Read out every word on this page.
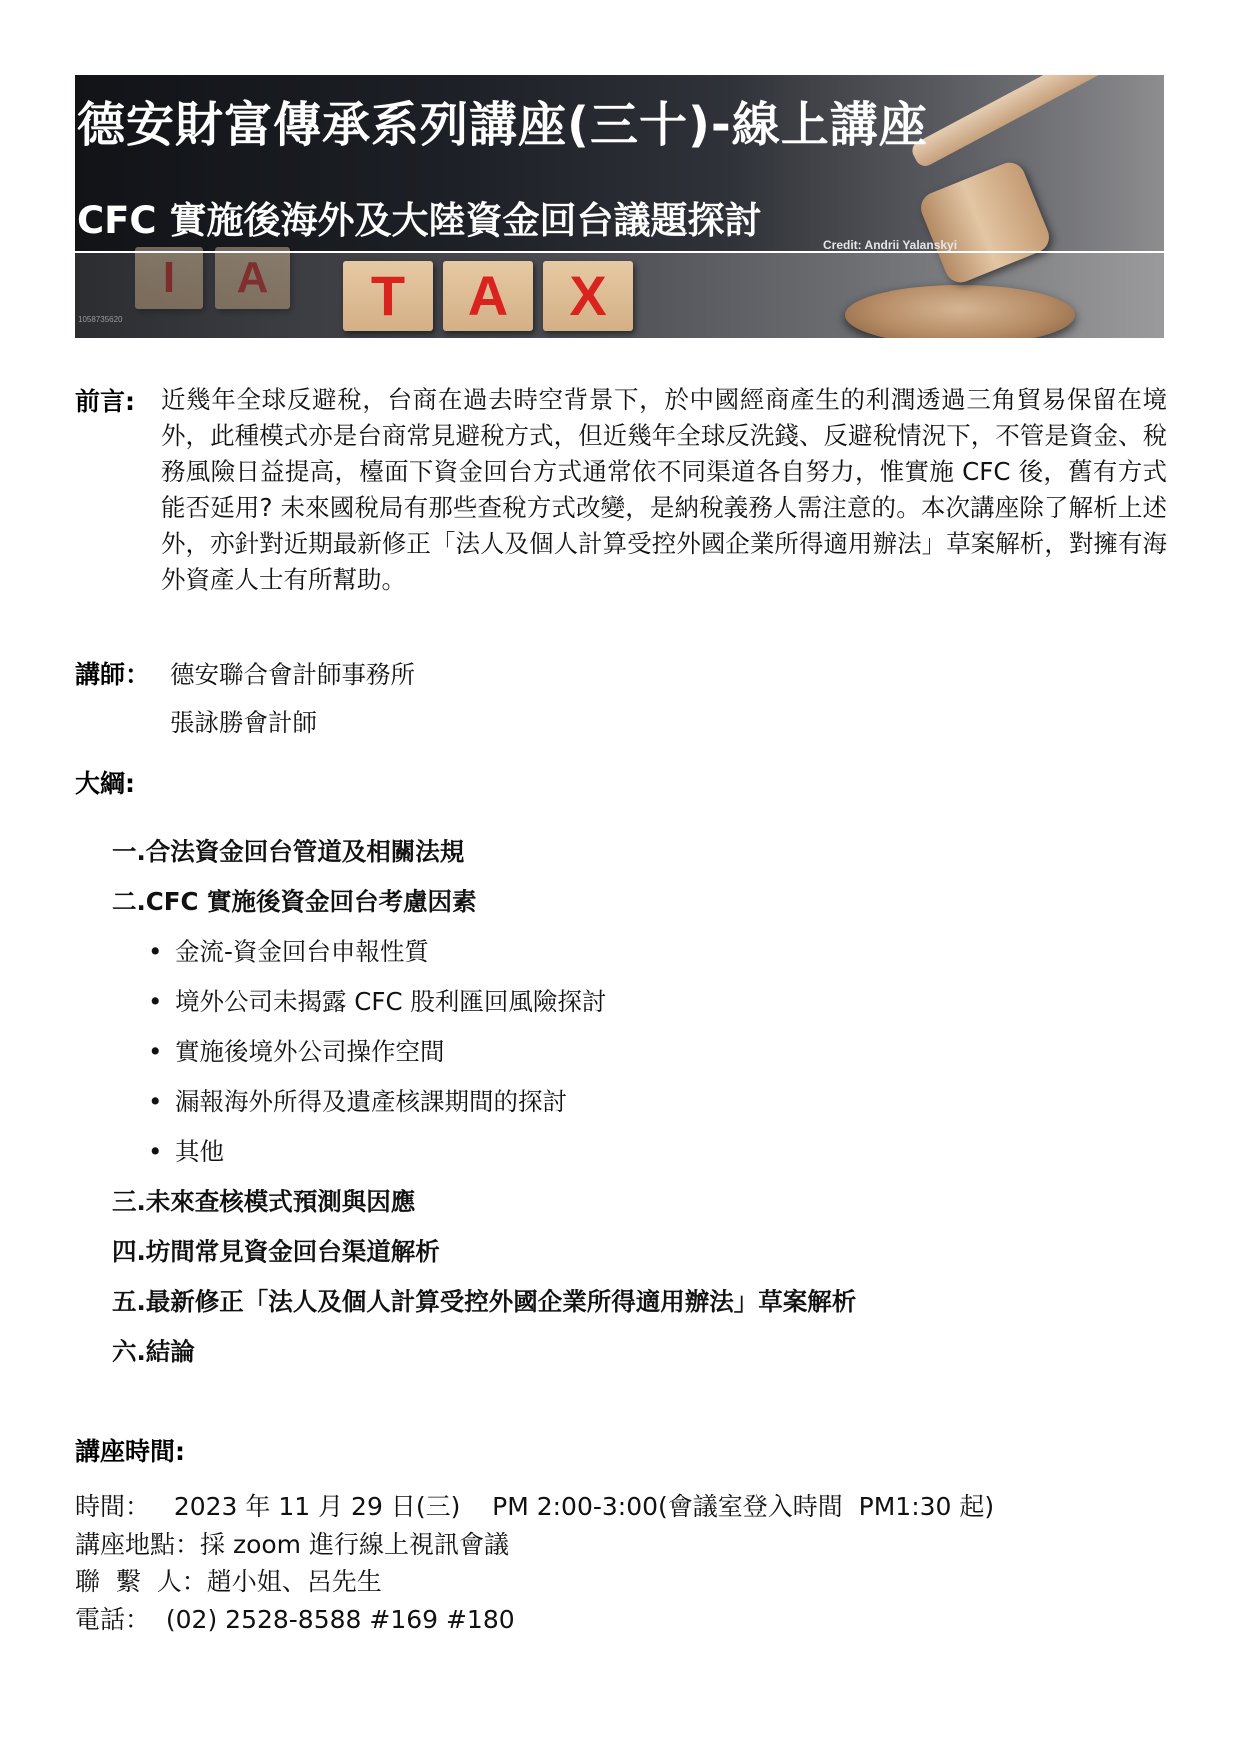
I	A	T	A	X
德安財富傳承系列講座(三十)-線上講座
CFC 實施後海外及大陸資金回台議題探討
Credit: Andrii Yalanskyi
1058735620
前言: 近幾年全球反避稅，台商在過去時空背景下，於中國經商產生的利潤透過三角貿易保留在境外，此種模式亦是台商常見避稅方式，但近幾年全球反洗錢、反避稅情況下，不管是資金、稅務風險日益提高，檯面下資金回台方式通常依不同渠道各自努力，惟實施 CFC 後，舊有方式能否延用? 未來國稅局有那些查稅方式改變，是納稅義務人需注意的。本次講座除了解析上述外，亦針對近期最新修正「法人及個人計算受控外國企業所得適用辦法」草案解析，對擁有海外資產人士有所幫助。
講師： 德安聯合會計師事務所
張詠勝會計師
大綱:
一.合法資金回台管道及相關法規
二.CFC 實施後資金回台考慮因素
• 金流-資金回台申報性質
• 境外公司未揭露 CFC 股利匯回風險探討
• 實施後境外公司操作空間
• 漏報海外所得及遺產核課期間的探討
• 其他
三.未來查核模式預測與因應
四.坊間常見資金回台渠道解析
五.最新修正「法人及個人計算受控外國企業所得適用辦法」草案解析
六.結論
講座時間:
時間：   2023 年 11 月 29 日(三)    PM 2:00-3:00(會議室登入時間  PM1:30 起)
講座地點：採 zoom 進行線上視訊會議
聯  繫  人：趙小姐、呂先生
電話：  (02) 2528-8588 #169 #180
